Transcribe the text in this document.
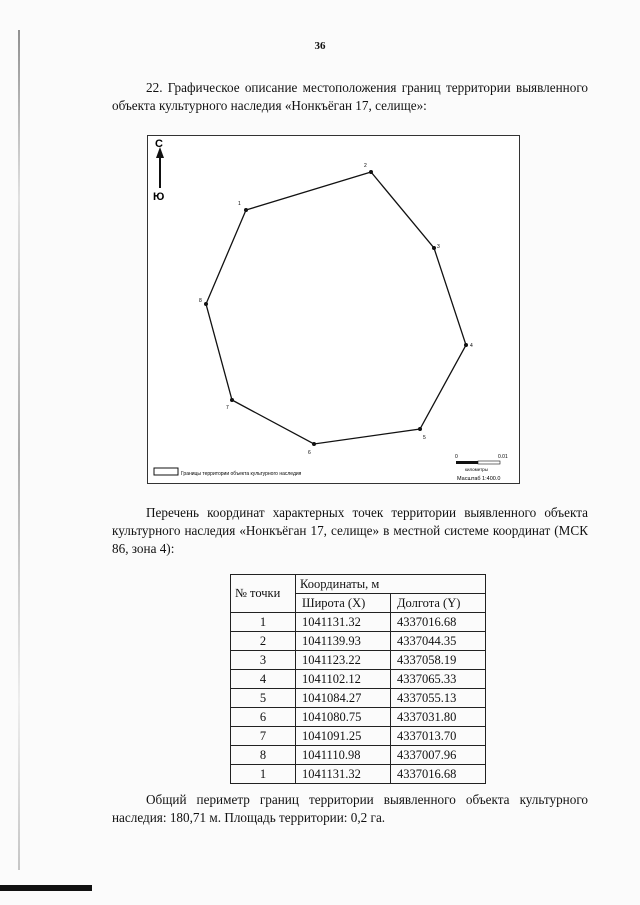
36
22. Графическое описание местоположения границ территории выявленного объекта культурного наследия «Нонкъёган 17, селище»:
С
Ю
1
2
3
4
5
6
7
8
Границы территории объекта культурного наследия
0	0.01
километры
Масштаб 1:400.0
Перечень координат характерных точек территории выявленного объекта культурного наследия «Нонкъёган 17, селище» в местной системе координат (МСК 86, зона 4):
№ точки	Координаты, м	
	Широта (X)	Долгота (Y)
1	1041131.32	4337016.68
2	1041139.93	4337044.35
3	1041123.22	4337058.19
4	1041102.12	4337065.33
5	1041084.27	4337055.13
6	1041080.75	4337031.80
7	1041091.25	4337013.70
8	1041110.98	4337007.96
1	1041131.32	4337016.68
Общий периметр границ территории выявленного объекта культурного наследия: 180,71 м. Площадь территории: 0,2 га.
